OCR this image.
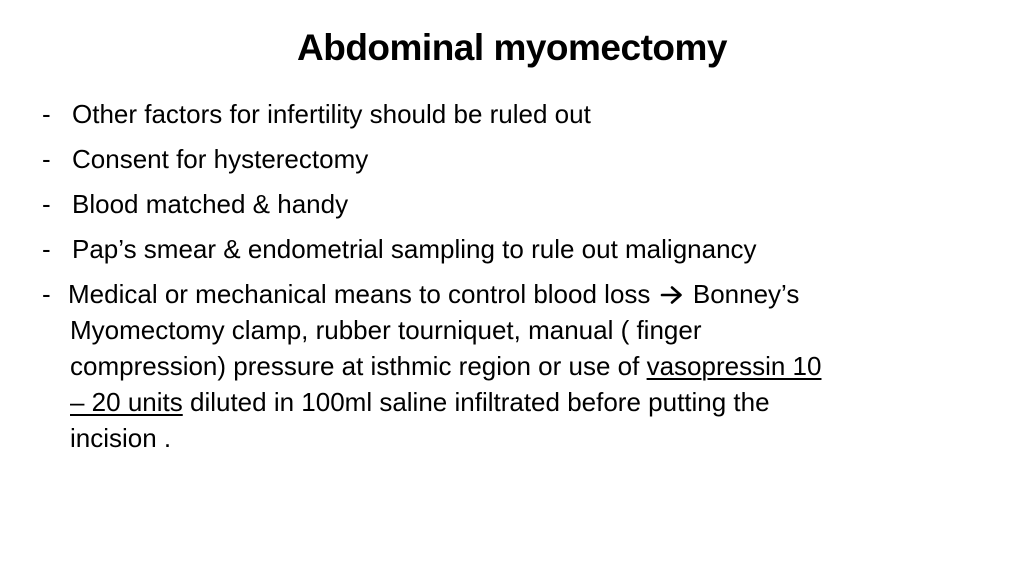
Abdominal myomectomy
- Other factors for infertility should be ruled out
- Consent for hysterectomy
- Blood matched & handy
- Pap’s smear & endometrial sampling to rule out malignancy
- Medical or mechanical means to control blood loss Bonney’s
Myomectomy clamp, rubber tourniquet, manual ( finger
compression) pressure at isthmic region or use of vasopressin 10
– 20 units diluted in 100ml saline infiltrated before putting the
incision .
